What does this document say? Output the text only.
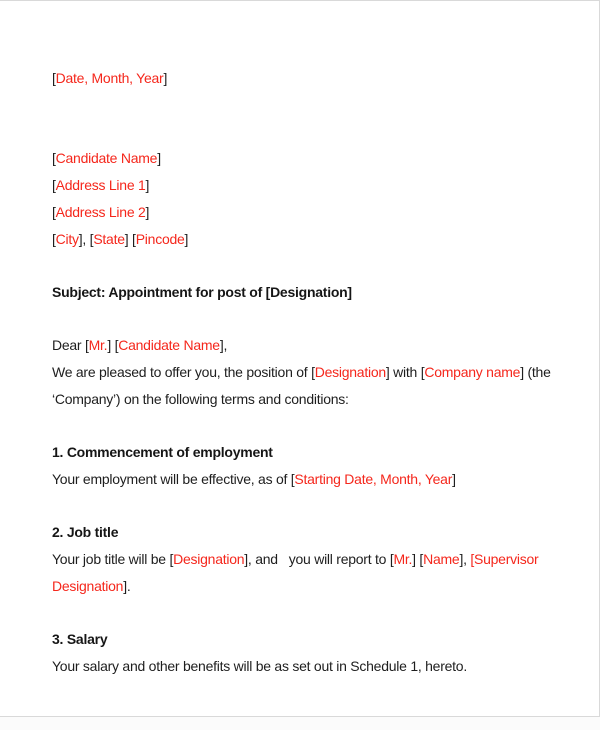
[Date, Month, Year]

[Candidate Name]

[Address Line 1]

[Address Line 2]

[City], [State] [Pincode]

Subject: Appointment for post of [Designation]

Dear [Mr.] [Candidate Name],

We are pleased to offer you, the position of [Designation] with [Company name] (the

‘Company’) on the following terms and conditions:

1. Commencement of employment

Your employment will be effective, as of [Starting Date, Month, Year]

2. Job title

Your job title will be [Designation], and   you will report to [Mr.] [Name], [Supervisor

Designation].

3. Salary

Your salary and other benefits will be as set out in Schedule 1, hereto.
